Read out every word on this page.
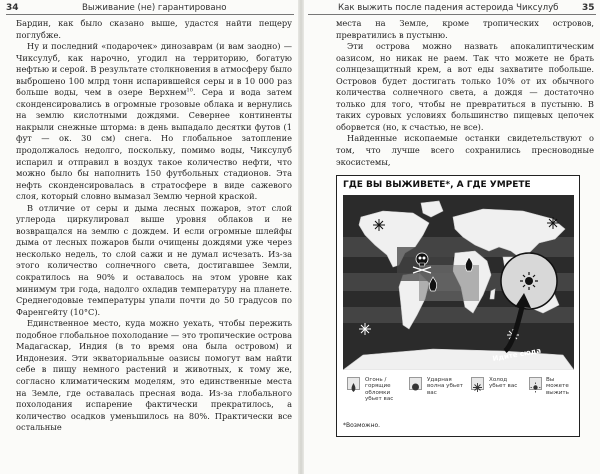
34	Выживание (не) гарантировано

Бардин, как было сказано выше, удастся найти пещеру поглубже.

Ну и последний «подарочек» динозаврам (и вам заодно) — Чиксулуб, как нарочно, угодил на территорию, богатую нефтью и серой. В результате столкновения в атмосферу было выброшено 100 млрд тонн испарившейся серы и в 10 000 раз больше воды, чем в озере Верхнем$^{10}$. Сера и вода затем сконденсировались в огромные грозовые облака и вернулись на землю кислотными дождями. Севернее континенты накрыли снежные шторма: в день выпадало десятки футов (1 фут — ок. 30 см) снега. Но глобальное затопление продолжалось недолго, поскольку, помимо воды, Чиксулуб испарил и отправил в воздух такое количество нефти, что можно было бы наполнить 150 футбольных стадионов. Эта нефть сконденсировалась в стратосфере в виде сажевого слоя, который словно вымазал Землю черной краской.

В отличие от серы и дыма лесных пожаров, этот слой углерода циркулировал выше уровня облаков и не возвращался на землю с дождем. И если огромные шлейфы дыма от лесных пожаров были очищены дождями уже через несколько недель, то слой сажи и не думал исчезать. Из-за этого количество солнечного света, достигавшее Земли, сократилось на 90% и оставалось на этом уровне как минимум три года, надолго охладив температуру на планете. Среднегодовые температуры упали почти до 50 градусов по Фаренгейту (10°С).

Единственное место, куда можно уехать, чтобы пережить подобное глобальное похолодание — это тропические острова Мадагаскар, Индия (в то время она была островом) и Индонезия. Эти экваториальные оазисы помогут вам найти себе в пищу немного растений и животных, к тому же, согласно климатическим моделям, это единственные места на Земле, где оставалась пресная вода. Из-за глобального похолодания испарение фактически прекратилось, а количество осадков уменьшилось на 80%. Практически все остальные

Как выжить после падения астероида Чиксулуб	35

места на Земле, кроме тропических островов, превратились в пустыню.

Эти острова можно назвать апокалиптическим оазисом, но никак не раем. Так что можете не брать солнцезащитный крем, а вот еды захватите побольше. Островов будет достигать только 10% от их обычного количества солнечного света, а дождя — достаточно только для того, чтобы не превратиться в пустыню. В таких суровых условиях большинство пищевых цепочек оборвется (но, к счастью, не все).

Найденные ископаемые останки свидетельствуют о том, что лучше всего сохранились пресноводные экосистемы,

ГДЕ ВЫ ВЫЖИВЕТЕ*, А ГДЕ УМРЕТЕ
Идите сюда
Огонь / горящие обломки убьет вас
Ударная волна убьет вас
Холод убьет вас
Вы можете выжить
*Возможно.
